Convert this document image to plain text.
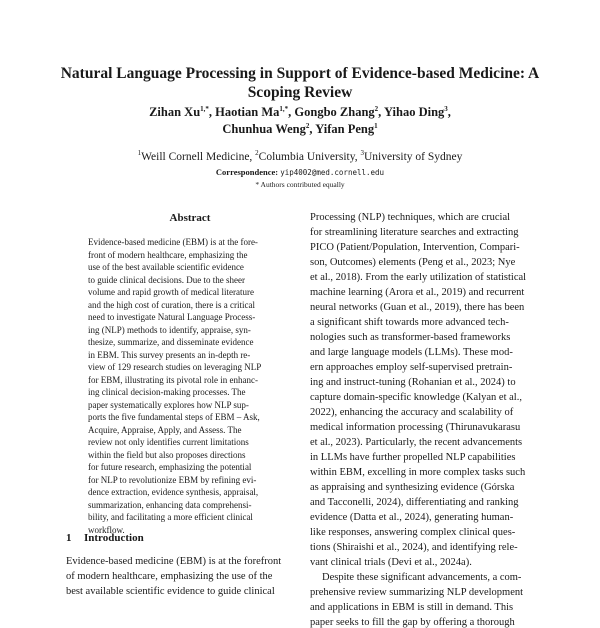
Natural Language Processing in Support of Evidence-based Medicine: A
Scoping Review
Zihan $Xu^{1,*}$, Haotian $Ma^{1,*}$, Gongbo Zhang$^2$, Yihao Ding$^3$,
Chunhua Weng$^2$, Yifan Peng$^1$
$^1$Weill Cornell Medicine, $^2$Columbia University, $^3$University of Sydney
Correspondence: yip4002@med.cornell.edu
* Authors contributed equally
Abstract
Evidence-based medicine (EBM) is at the fore-
front of modern healthcare, emphasizing the
use of the best available scientific evidence
to guide clinical decisions. Due to the sheer
volume and rapid growth of medical literature
and the high cost of curation, there is a critical
need to investigate Natural Language Process-
ing (NLP) methods to identify, appraise, syn-
thesize, summarize, and disseminate evidence
in EBM. This survey presents an in-depth re-
view of 129 research studies on leveraging NLP
for EBM, illustrating its pivotal role in enhanc-
ing clinical decision-making processes. The
paper systematically explores how NLP sup-
ports the five fundamental steps of EBM – Ask,
Acquire, Appraise, Apply, and Assess. The
review not only identifies current limitations
within the field but also proposes directions
for future research, emphasizing the potential
for NLP to revolutionize EBM by refining evi-
dence extraction, evidence synthesis, appraisal,
summarization, enhancing data comprehensi-
bility, and facilitating a more efficient clinical
workflow.
1 Introduction
Evidence-based medicine (EBM) is at the forefront
of modern healthcare, emphasizing the use of the
best available scientific evidence to guide clinical
Processing (NLP) techniques, which are crucial
for streamlining literature searches and extracting
PICO (Patient/Population, Intervention, Compari-
son, Outcomes) elements (Peng et al., 2023; Nye
et al., 2018). From the early utilization of statistical
machine learning (Arora et al., 2019) and recurrent
neural networks (Guan et al., 2019), there has been
a significant shift towards more advanced tech-
nologies such as transformer-based frameworks
and large language models (LLMs). These mod-
ern approaches employ self-supervised pretrain-
ing and instruct-tuning (Rohanian et al., 2024) to
capture domain-specific knowledge (Kalyan et al.,
2022), enhancing the accuracy and scalability of
medical information processing (Thirunavukarasu
et al., 2023). Particularly, the recent advancements
in LLMs have further propelled NLP capabilities
within EBM, excelling in more complex tasks such
as appraising and synthesizing evidence (Górska
and Tacconelli, 2024), differentiating and ranking
evidence (Datta et al., 2024), generating human-
like responses, answering complex clinical ques-
tions (Shiraishi et al., 2024), and identifying rele-
vant clinical trials (Devi et al., 2024a).
Despite these significant advancements, a com-
prehensive review summarizing NLP development
and applications in EBM is still in demand. This
paper seeks to fill the gap by offering a thorough
